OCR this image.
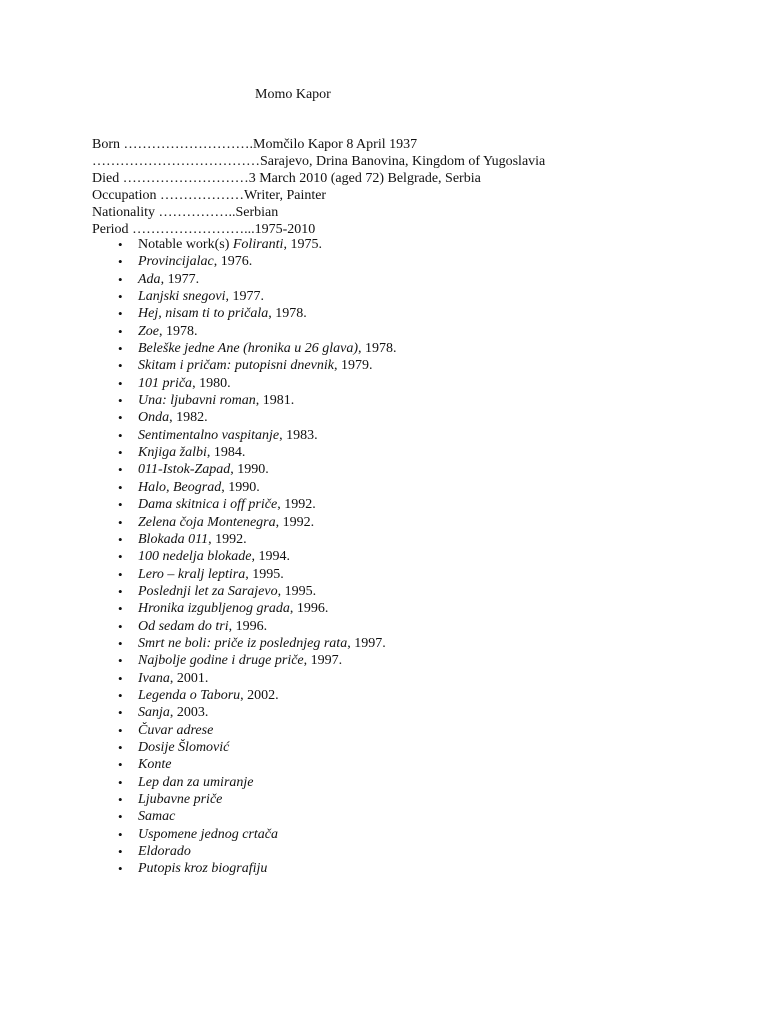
Momo Kapor
Born ……………………….Momčilo Kapor 8 April 1937
………………………………Sarajevo, Drina Banovina, Kingdom of Yugoslavia
Died ………………………3 March 2010 (aged 72) Belgrade, Serbia
Occupation ………………Writer, Painter
Nationality ……………..Serbian
Period ……………………...1975-2010
• Notable work(s) Foliranti, 1975.
• Provincijalac, 1976.
• Ada, 1977.
• Lanjski snegovi, 1977.
• Hej, nisam ti to pričala, 1978.
• Zoe, 1978.
• Beleške jedne Ane (hronika u 26 glava), 1978.
• Skitam i pričam: putopisni dnevnik, 1979.
• 101 priča, 1980.
• Una: ljubavni roman, 1981.
• Onda, 1982.
• Sentimentalno vaspitanje, 1983.
• Knjiga žalbi, 1984.
• 011-Istok-Zapad, 1990.
• Halo, Beograd, 1990.
• Dama skitnica i off priče, 1992.
• Zelena čoja Montenegra, 1992.
• Blokada 011, 1992.
• 100 nedelja blokade, 1994.
• Lero – kralj leptira, 1995.
• Poslednji let za Sarajevo, 1995.
• Hronika izgubljenog grada, 1996.
• Od sedam do tri, 1996.
• Smrt ne boli: priče iz poslednjeg rata, 1997.
• Najbolje godine i druge priče, 1997.
• Ivana, 2001.
• Legenda o Taboru, 2002.
• Sanja, 2003.
• Čuvar adrese
• Dosije Šlomović
• Konte
• Lep dan za umiranje
• Ljubavne priče
• Samac
• Uspomene jednog crtača
• Eldorado
• Putopis kroz biografiju
